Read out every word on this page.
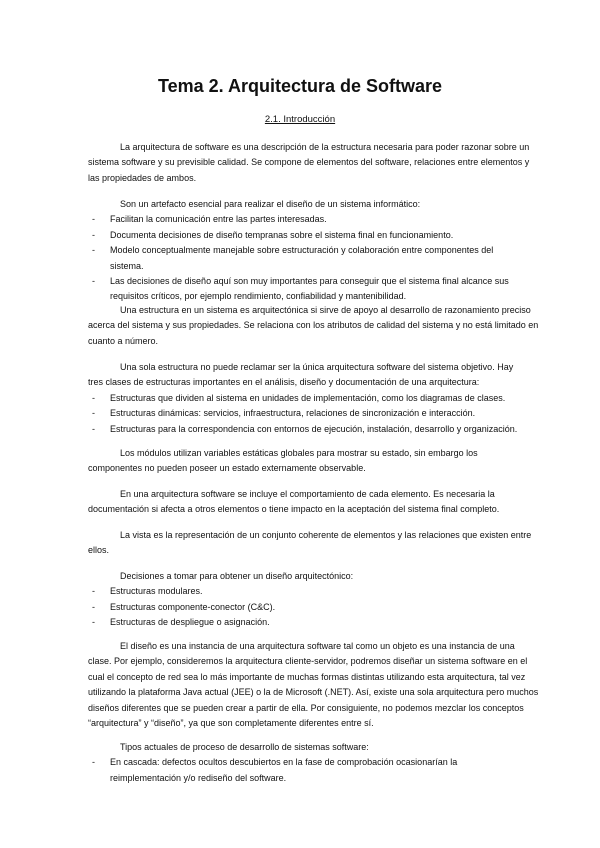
Tema 2. Arquitectura de Software
2.1. Introducción
La arquitectura de software es una descripción de la estructura necesaria para poder razonar sobre un
sistema software y su previsible calidad. Se compone de elementos del software, relaciones entre elementos y
las propiedades de ambos.
Son un artefacto esencial para realizar el diseño de un sistema informático:
- Facilitan la comunicación entre las partes interesadas.
- Documenta decisiones de diseño tempranas sobre el sistema final en funcionamiento.
- Modelo conceptualmente manejable sobre estructuración y colaboración entre componentes del
sistema.
- Las decisiones de diseño aquí son muy importantes para conseguir que el sistema final alcance sus
requisitos críticos, por ejemplo rendimiento, confiabilidad y mantenibilidad.
Una estructura en un sistema es arquitectónica si sirve de apoyo al desarrollo de razonamiento preciso
acerca del sistema y sus propiedades. Se relaciona con los atributos de calidad del sistema y no está limitado en
cuanto a número.
Una sola estructura no puede reclamar ser la única arquitectura software del sistema objetivo. Hay
tres clases de estructuras importantes en el análisis, diseño y documentación de una arquitectura:
- Estructuras que dividen al sistema en unidades de implementación, como los diagramas de clases.
- Estructuras dinámicas: servicios, infraestructura, relaciones de sincronización e interacción.
- Estructuras para la correspondencia con entornos de ejecución, instalación, desarrollo y organización.
Los módulos utilizan variables estáticas globales para mostrar su estado, sin embargo los
componentes no pueden poseer un estado externamente observable.
En una arquitectura software se incluye el comportamiento de cada elemento. Es necesaria la
documentación si afecta a otros elementos o tiene impacto en la aceptación del sistema final completo.
La vista es la representación de un conjunto coherente de elementos y las relaciones que existen entre
ellos.
Decisiones a tomar para obtener un diseño arquitectónico:
- Estructuras modulares.
- Estructuras componente-conector (C&C).
- Estructuras de despliegue o asignación.
El diseño es una instancia de una arquitectura software tal como un objeto es una instancia de una
clase. Por ejemplo, consideremos la arquitectura cliente-servidor, podremos diseñar un sistema software en el
cual el concepto de red sea lo más importante de muchas formas distintas utilizando esta arquitectura, tal vez
utilizando la plataforma Java actual (JEE) o la de Microsoft (.NET). Así, existe una sola arquitectura pero muchos
diseños diferentes que se pueden crear a partir de ella. Por consiguiente, no podemos mezclar los conceptos
“arquitectura” y “diseño”, ya que son completamente diferentes entre sí.
Tipos actuales de proceso de desarrollo de sistemas software:
- En cascada: defectos ocultos descubiertos en la fase de comprobación ocasionarían la
reimplementación y/o rediseño del software.
